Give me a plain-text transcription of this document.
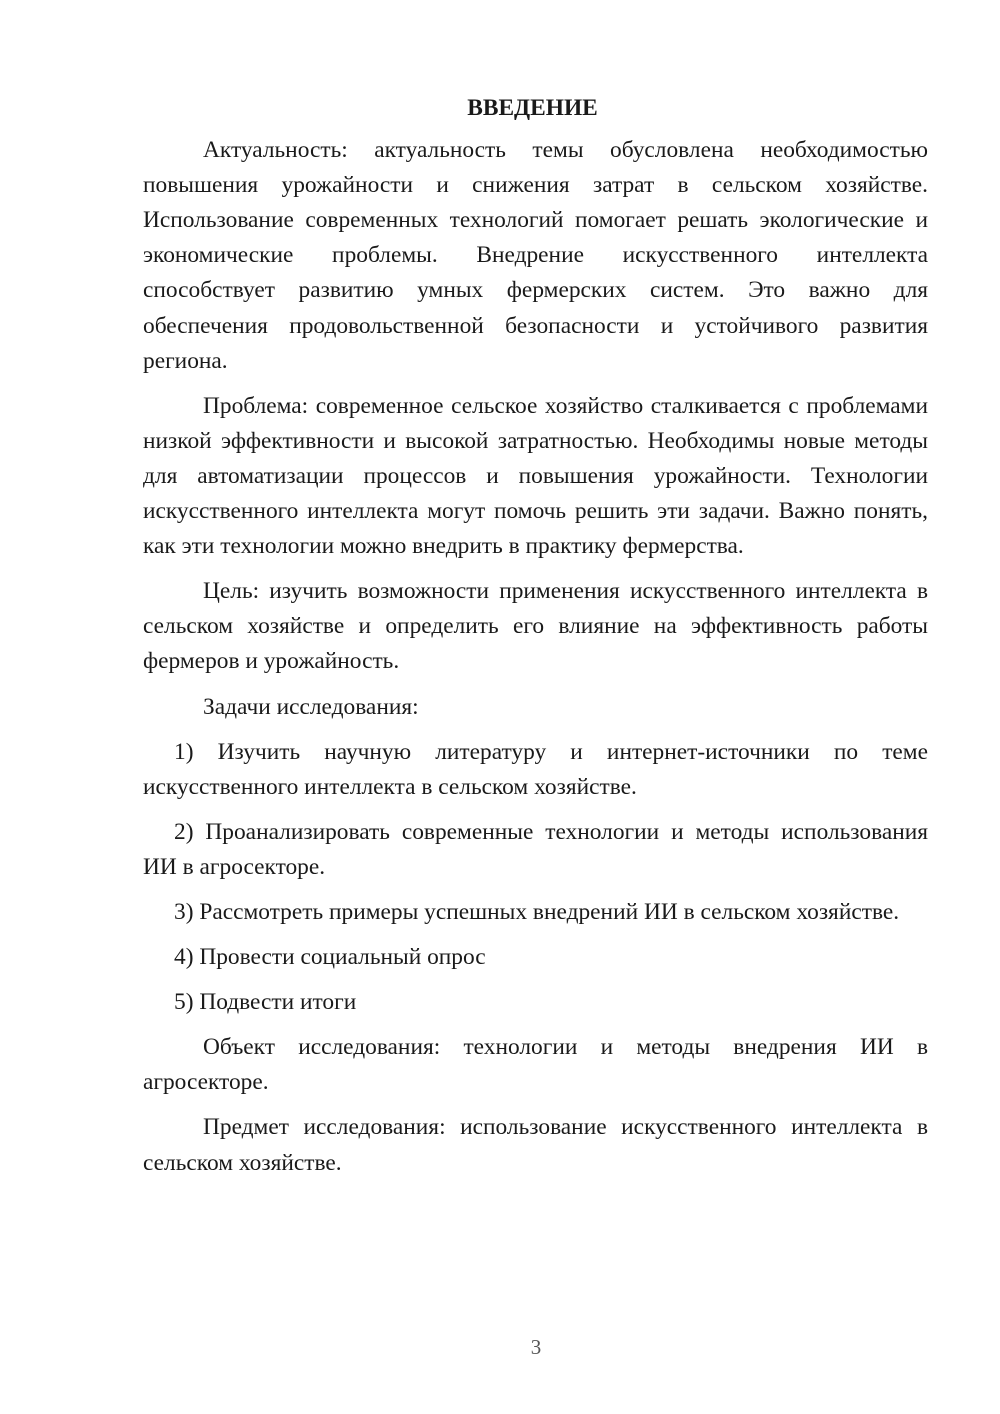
ВВЕДЕНИЕ

Актуальность: актуальность темы обусловлена необходимостью повышения урожайности и снижения затрат в сельском хозяйстве. Использование современных технологий помогает решать экологические и экономические проблемы. Внедрение искусственного интеллекта способствует развитию умных фермерских систем. Это важно для обеспечения продовольственной безопасности и устойчивого развития региона.

Проблема: современное сельское хозяйство сталкивается с проблемами низкой эффективности и высокой затратностью. Необходимы новые методы для автоматизации процессов и повышения урожайности. Технологии искусственного интеллекта могут помочь решить эти задачи. Важно понять, как эти технологии можно внедрить в практику фермерства.

Цель: изучить возможности применения искусственного интеллекта в сельском хозяйстве и определить его влияние на эффективность работы фермеров и урожайность.

Задачи исследования:

1) Изучить научную литературу и интернет-источники по теме искусственного интеллекта в сельском хозяйстве.

2) Проанализировать современные технологии и методы использования ИИ в агросекторе.

3) Рассмотреть примеры успешных внедрений ИИ в сельском хозяйстве.

4) Провести социальный опрос

5) Подвести итоги

Объект исследования: технологии и методы внедрения ИИ в агросекторе.

Предмет исследования: использование искусственного интеллекта в сельском хозяйстве.

3
